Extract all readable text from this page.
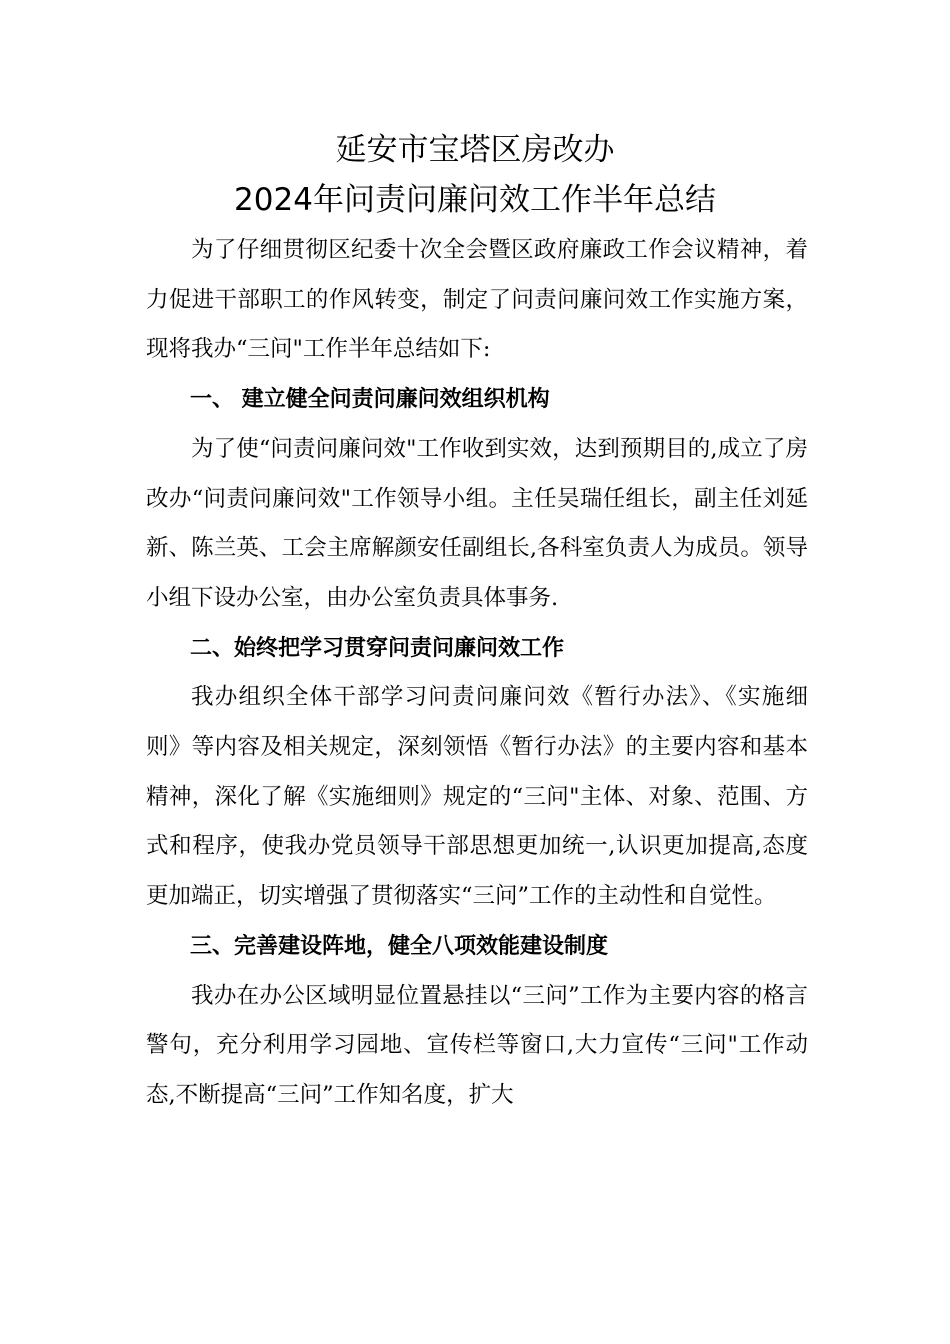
延安市宝塔区房改办
2024年问责问廉问效工作半年总结

为了仔细贯彻区纪委十次全会暨区政府廉政工作会议精神，着力促进干部职工的作风转变，制定了问责问廉问效工作实施方案，现将我办“三问"工作半年总结如下:

一、 建立健全问责问廉问效组织机构

为了使“问责问廉问效"工作收到实效，达到预期目的,成立了房改办“问责问廉问效"工作领导小组。主任吴瑞任组长，副主任刘延新、陈兰英、工会主席解颜安任副组长,各科室负责人为成员。领导小组下设办公室，由办公室负责具体事务.

二、始终把学习贯穿问责问廉问效工作

我办组织全体干部学习问责问廉问效《暂行办法》、《实施细则》等内容及相关规定，深刻领悟《暂行办法》的主要内容和基本精神，深化了解《实施细则》规定的“三问"主体、对象、范围、方式和程序，使我办党员领导干部思想更加统一,认识更加提高,态度更加端正，切实增强了贯彻落实“三问”工作的主动性和自觉性。

三、完善建设阵地，健全八项效能建设制度

我办在办公区域明显位置悬挂以“三问”工作为主要内容的格言警句，充分利用学习园地、宣传栏等窗口,大力宣传“三问"工作动态,不断提高“三问”工作知名度，扩大
